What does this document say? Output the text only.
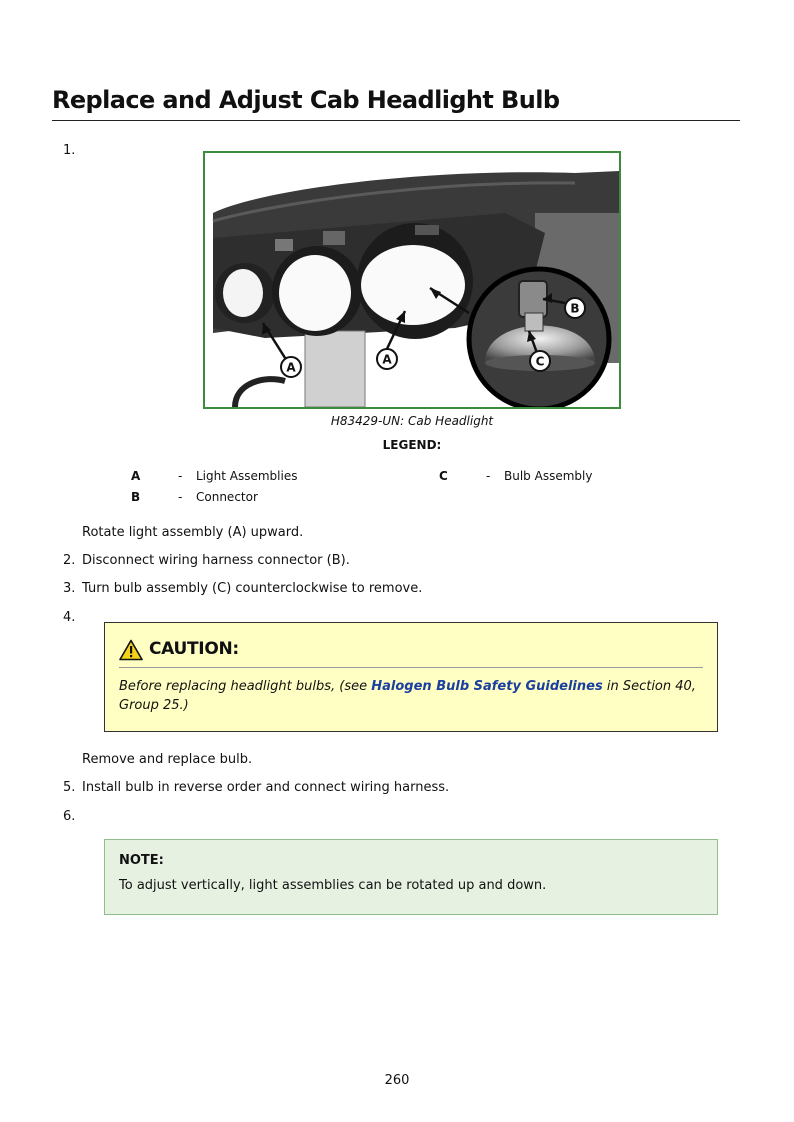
Replace and Adjust Cab Headlight Bulb
1.
A
A
B
C
H83429-UN: Cab Headlight
LEGEND:
A	- Light Assemblies
B	- Connector
C	- Bulb Assembly
Rotate light assembly (A) upward.
2. Disconnect wiring harness connector (B).
3. Turn bulb assembly (C) counterclockwise to remove.
4.
CAUTION:
Before replacing headlight bulbs, (see Halogen Bulb Safety Guidelines in Section 40, Group 25.)
Remove and replace bulb.
5. Install bulb in reverse order and connect wiring harness.
6.
NOTE:
To adjust vertically, light assemblies can be rotated up and down.
260
